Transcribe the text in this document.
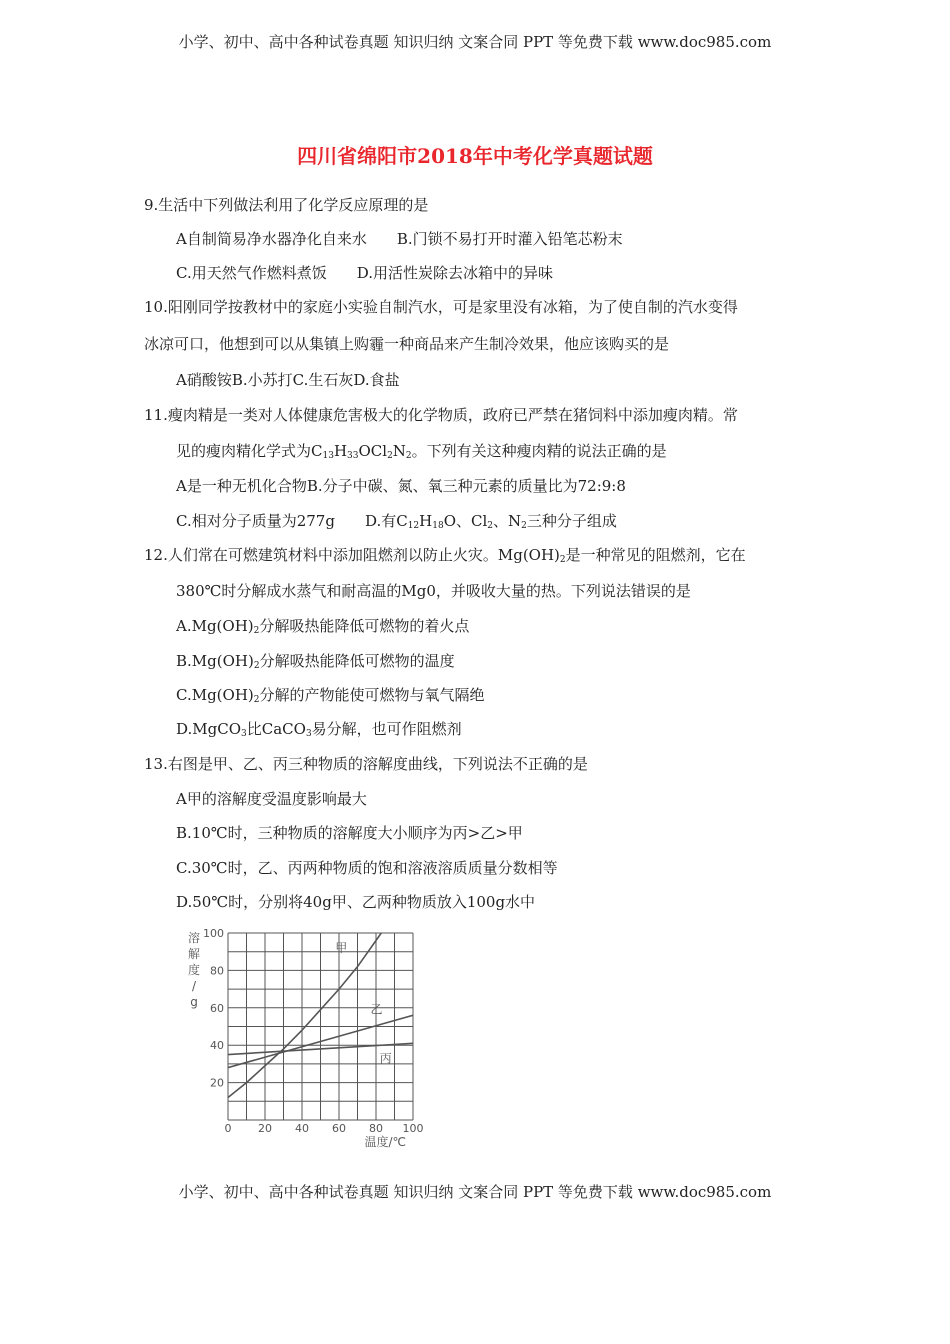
小学、初中、高中各种试卷真题 知识归纳 文案合同 PPT 等免费下载 www.doc985.com
四川省绵阳市2018年中考化学真题试题
9.生活中下列做法利用了化学反应原理的是
A自制简易净水器净化自来水　　B.门锁不易打开时灌入铅笔芯粉末
C.用天然气作燃料煮饭　　D.用活性炭除去冰箱中的异味
10.阳刚同学按教材中的家庭小实验自制汽水，可是家里没有冰箱，为了使自制的汽水变得
冰凉可口，他想到可以从集镇上购霾一种商品来产生制冷效果，他应该购买的是
A硝酸铵B.小苏打C.生石灰D.食盐
11.瘦肉精是一类对人体健康危害极大的化学物质，政府已严禁在猪饲料中添加瘦肉精。常
见的瘦肉精化学式为$C_{13}H_{33}OCl_2N_2$。下列有关这种瘦肉精的说法正确的是
A是一种无机化合物B.分子中碳、氮、氧三种元素的质量比为72:9:8
C.相对分子质量为277g　　D.有$C_{12}H_{18}O$、$Cl_2$、$N_2$三种分子组成
12.人们常在可燃建筑材料中添加阻燃剂以防止火灾。$Mg(OH)_2$是一种常见的阻燃剂，它在
380℃时分解成水蒸气和耐高温的Mg0，并吸收大量的热。下列说法错误的是
$A.Mg(OH)_2$分解吸热能降低可燃物的着火点
$B.Mg(OH)_2$分解吸热能降低可燃物的温度
$C.Mg(OH)_2$分解的产物能使可燃物与氧气隔绝
D.MgCO$_3$比CaCO$_3$易分解，也可作阻燃剂
13.右图是甲、乙、丙三种物质的溶解度曲线，下列说法不正确的是
A甲的溶解度受温度影响最大
B.10℃时，三种物质的溶解度大小顺序为丙>乙>甲
C.30℃时，乙、丙两种物质的饱和溶液溶质质量分数相等
D.50℃时，分别将40g甲、乙两种物质放入100g水中
0 20 40 60 80 100
20
40
60
80
100
温度/℃
溶
解
度
/
g
甲
乙
丙
小学、初中、高中各种试卷真题 知识归纳 文案合同 PPT 等免费下载 www.doc985.com
